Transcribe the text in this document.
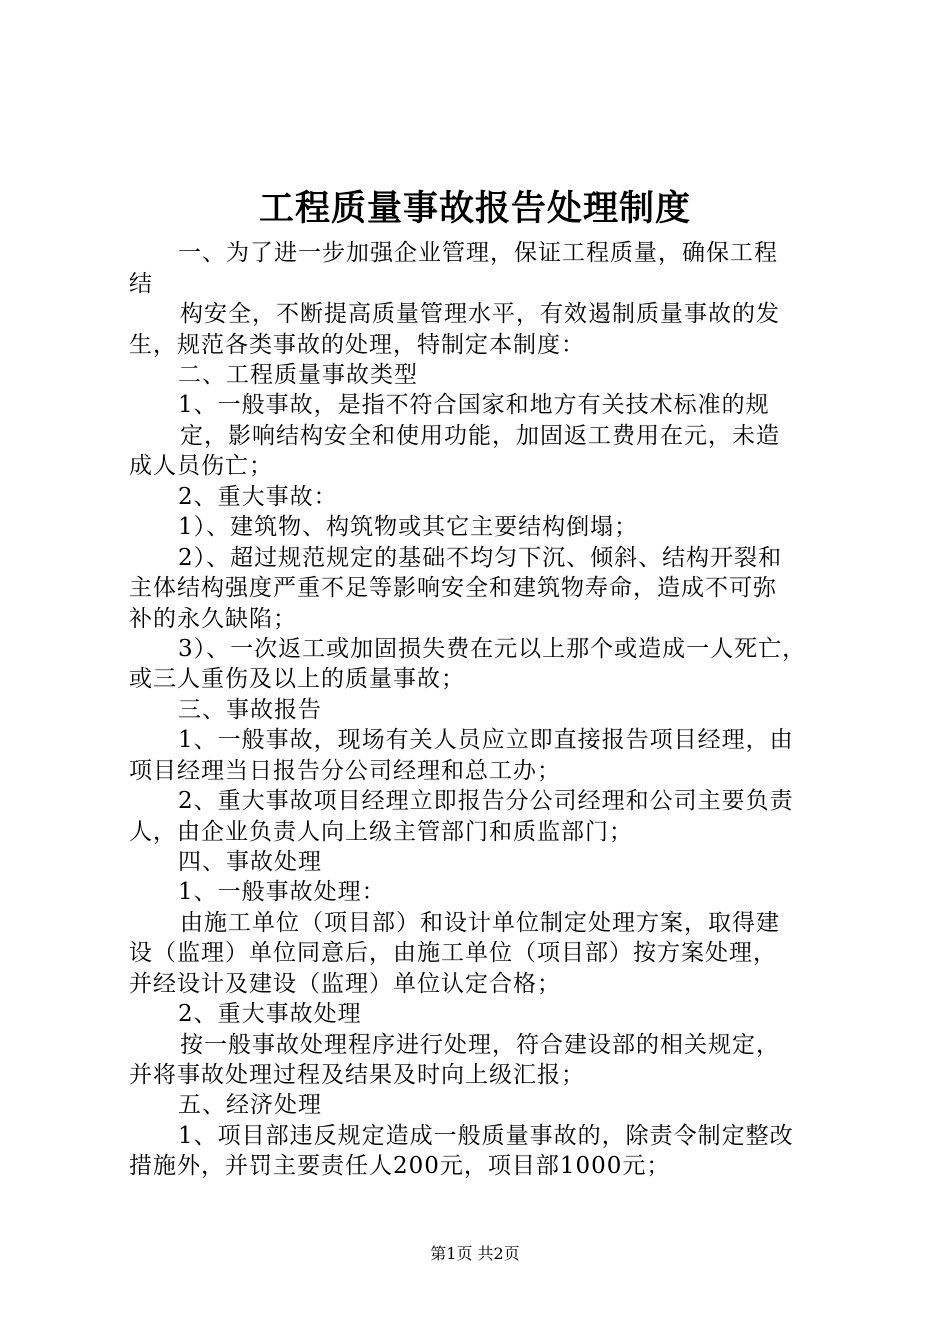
工程质量事故报告处理制度
一、为了进一步加强企业管理，保证工程质量，确保工程
结
构安全，不断提高质量管理水平，有效遏制质量事故的发
生，规范各类事故的处理，特制定本制度：
二、工程质量事故类型
1、一般事故，是指不符合国家和地方有关技术标准的规
定，影响结构安全和使用功能，加固返工费用在元，未造
成人员伤亡；
2、重大事故：
1）、建筑物、构筑物或其它主要结构倒塌；
2）、超过规范规定的基础不均匀下沉、倾斜、结构开裂和
主体结构强度严重不足等影响安全和建筑物寿命，造成不可弥
补的永久缺陷；
3）、一次返工或加固损失费在元以上那个或造成一人死亡，
或三人重伤及以上的质量事故；
三、事故报告
1、一般事故，现场有关人员应立即直接报告项目经理，由
项目经理当日报告分公司经理和总工办；
2、重大事故项目经理立即报告分公司经理和公司主要负责
人，由企业负责人向上级主管部门和质监部门；
四、事故处理
1、一般事故处理：
由施工单位（项目部）和设计单位制定处理方案，取得建
设（监理）单位同意后，由施工单位（项目部）按方案处理，
并经设计及建设（监理）单位认定合格；
2、重大事故处理
按一般事故处理程序进行处理，符合建设部的相关规定，
并将事故处理过程及结果及时向上级汇报；
五、经济处理
1、项目部违反规定造成一般质量事故的，除责令制定整改
措施外，并罚主要责任人200元，项目部1000元；
第1页 共2页
